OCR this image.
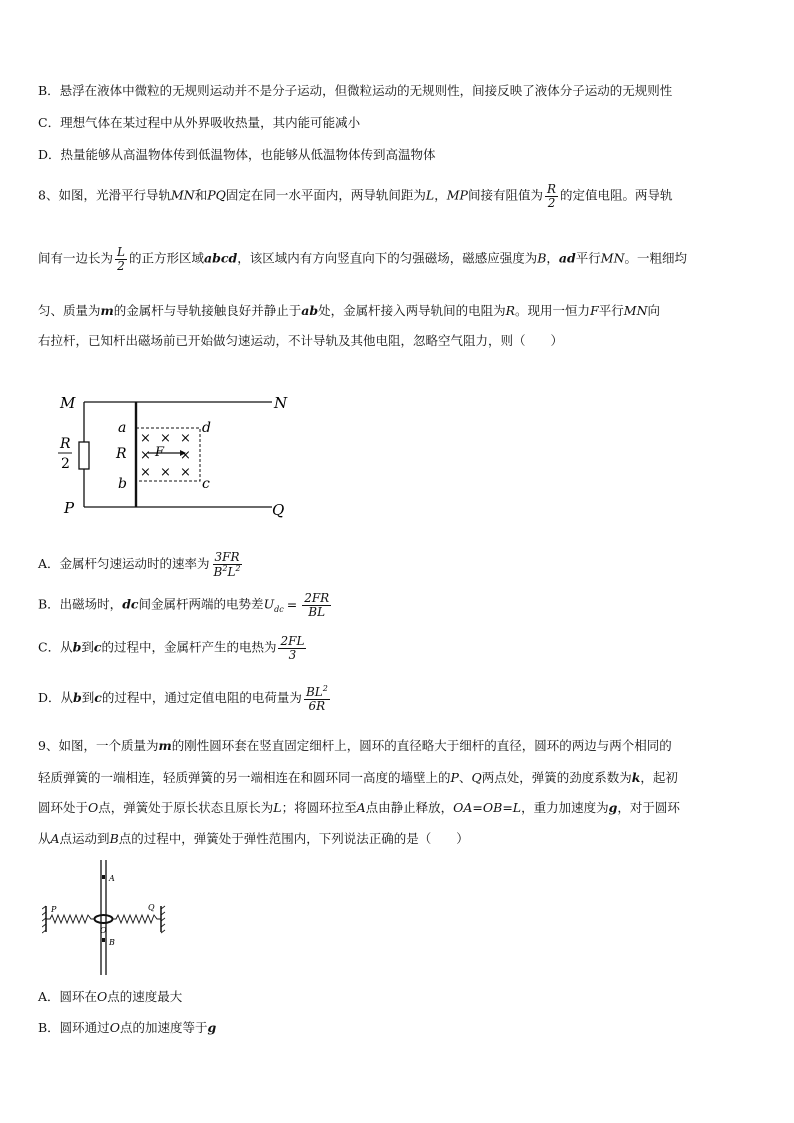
B．悬浮在液体中微粒的无规则运动并不是分子运动，但微粒运动的无规则性，间接反映了液体分子运动的无规则性
C．理想气体在某过程中从外界吸收热量，其内能可能减小
D．热量能够从高温物体传到低温物体，也能够从低温物体传到高温物体
8、如图，光滑平行导轨MN和PQ固定在同一水平面内，两导轨间距为L，MP间接有阻值为 $\frac{R}{2}$ 的定值电阻。两导轨
间有一边长为 $\frac{L}{2}$ 的正方形区域abcd，该区域内有方向竖直向下的匀强磁场，磁感应强度为B，ad平行MN。一粗细均
匀、质量为m的金属杆与导轨接触良好并静止于ab处，金属杆接入两导轨间的电阻为R。现用一恒力F平行MN向
右拉杆，已知杆出磁场前已开始做匀速运动，不计导轨及其他电阻，忽略空气阻力，则（　　）
M	N
P	Q
R
2
a
R
b
d
c
F
× × ×
× ×
× × ×
A．金属杆匀速运动时的速率为 $\frac{3FR}{B^2L^2}$
B．出磁场时，dc间金属杆两端的电势差$U_{dc} = \frac{2FR}{BL}$
C．从b到c的过程中，金属杆产生的电热为 $\frac{2FL}{3}$
D．从b到c的过程中，通过定值电阻的电荷量为 $\frac{BL^2}{6R}$
9、如图，一个质量为m的刚性圆环套在竖直固定细杆上，圆环的直径略大于细杆的直径，圆环的两边与两个相同的
轻质弹簧的一端相连，轻质弹簧的另一端相连在和圆环同一高度的墙壁上的P、Q两点处，弹簧的劲度系数为k，起初
圆环处于O点，弹簧处于原长状态且原长为L；将圆环拉至A点由静止释放，OA=OB=L，重力加速度为g，对于圆环
从A点运动到B点的过程中，弹簧处于弹性范围内，下列说法正确的是（　　）
A
B
O
P	Q
A．圆环在O点的速度最大
B．圆环通过O点的加速度等于g
